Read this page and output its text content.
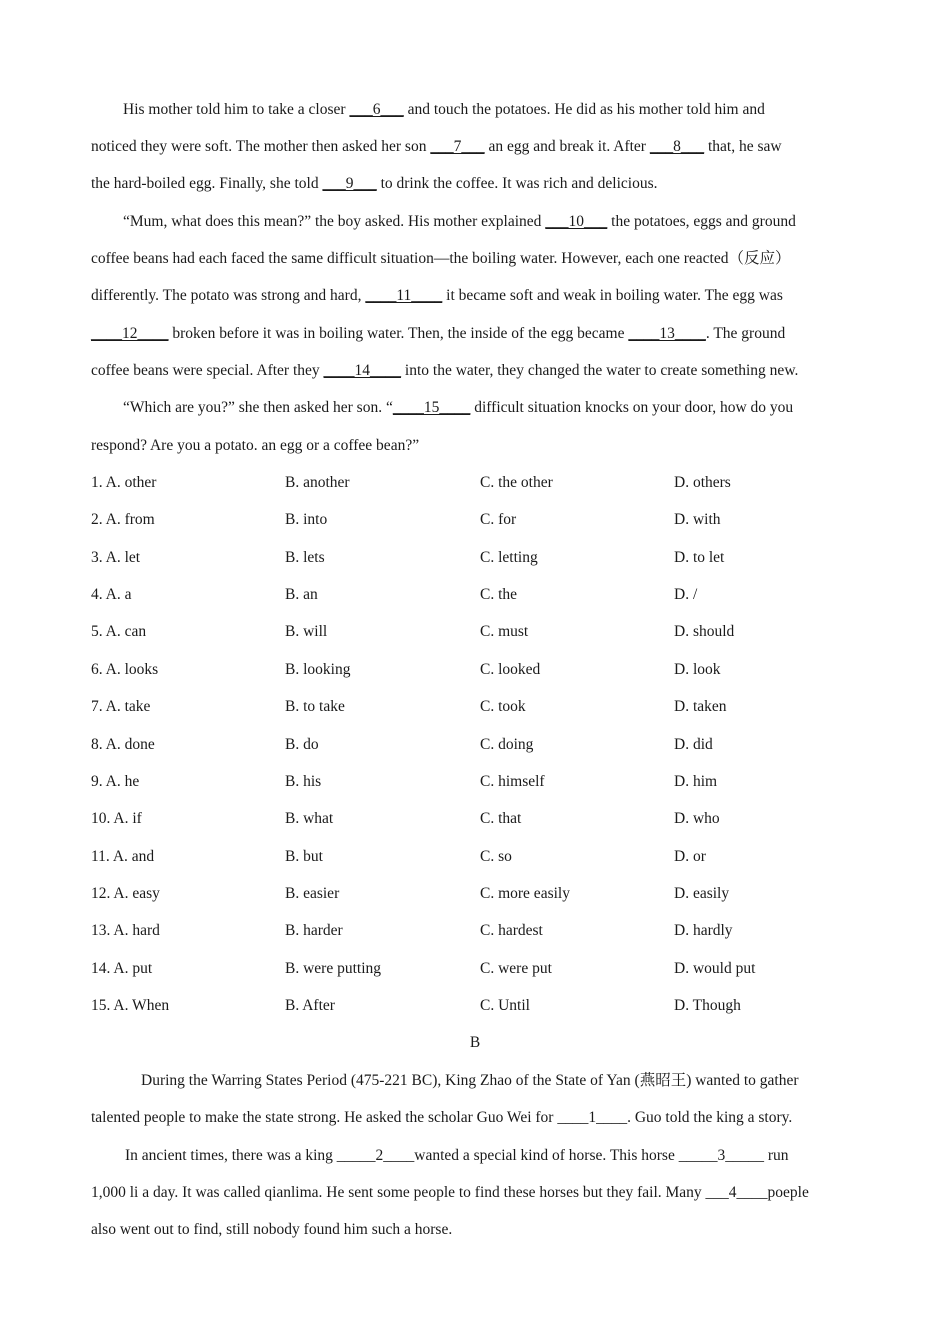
His mother told him to take a closer ___6___ and touch the potatoes. He did as his mother told him and
noticed they were soft. The mother then asked her son ___7___ an egg and break it. After ___8___ that, he saw
the hard-boiled egg. Finally, she told ___9___ to drink the coffee. It was rich and delicious.
“Mum, what does this mean?” the boy asked. His mother explained ___10___ the potatoes, eggs and ground
coffee beans had each faced the same difficult situation—the boiling water. However, each one reacted（反应）
differently. The potato was strong and hard, ____11____ it became soft and weak in boiling water. The egg was
____12____ broken before it was in boiling water. Then, the inside of the egg became ____13____. The ground
coffee beans were special. After they ____14____ into the water, they changed the water to create something new.
“Which are you?” she then asked her son. “____15____ difficult situation knocks on your door, how do you
respond? Are you a potato. an egg or a coffee bean?”
1. A. other	B. another	C. the other	D. others
2. A. from	B. into	C. for	D. with
3. A. let	B. lets	C. letting	D. to let
4. A. a	B. an	C. the	D. /
5. A. can	B. will	C. must	D. should
6. A. looks	B. looking	C. looked	D. look
7. A. take	B. to take	C. took	D. taken
8. A. done	B. do	C. doing	D. did
9. A. he	B. his	C. himself	D. him
10. A. if	B. what	C. that	D. who
11. A. and	B. but	C. so	D. or
12. A. easy	B. easier	C. more easily	D. easily
13. A. hard	B. harder	C. hardest	D. hardly
14. A. put	B. were putting	C. were put	D. would put
15. A. When	B. After	C. Until	D. Though
B
During the Warring States Period (475-221 BC), King Zhao of the State of Yan (燕昭王) wanted to gather
talented people to make the state strong. He asked the scholar Guo Wei for ____1____. Guo told the king a story.
In ancient times, there was a king _____2____wanted a special kind of horse. This horse _____3_____ run
1,000 li a day. It was called qianlima. He sent some people to find these horses but they fail. Many ___4____poeple
also went out to find, still nobody found him such a horse.
